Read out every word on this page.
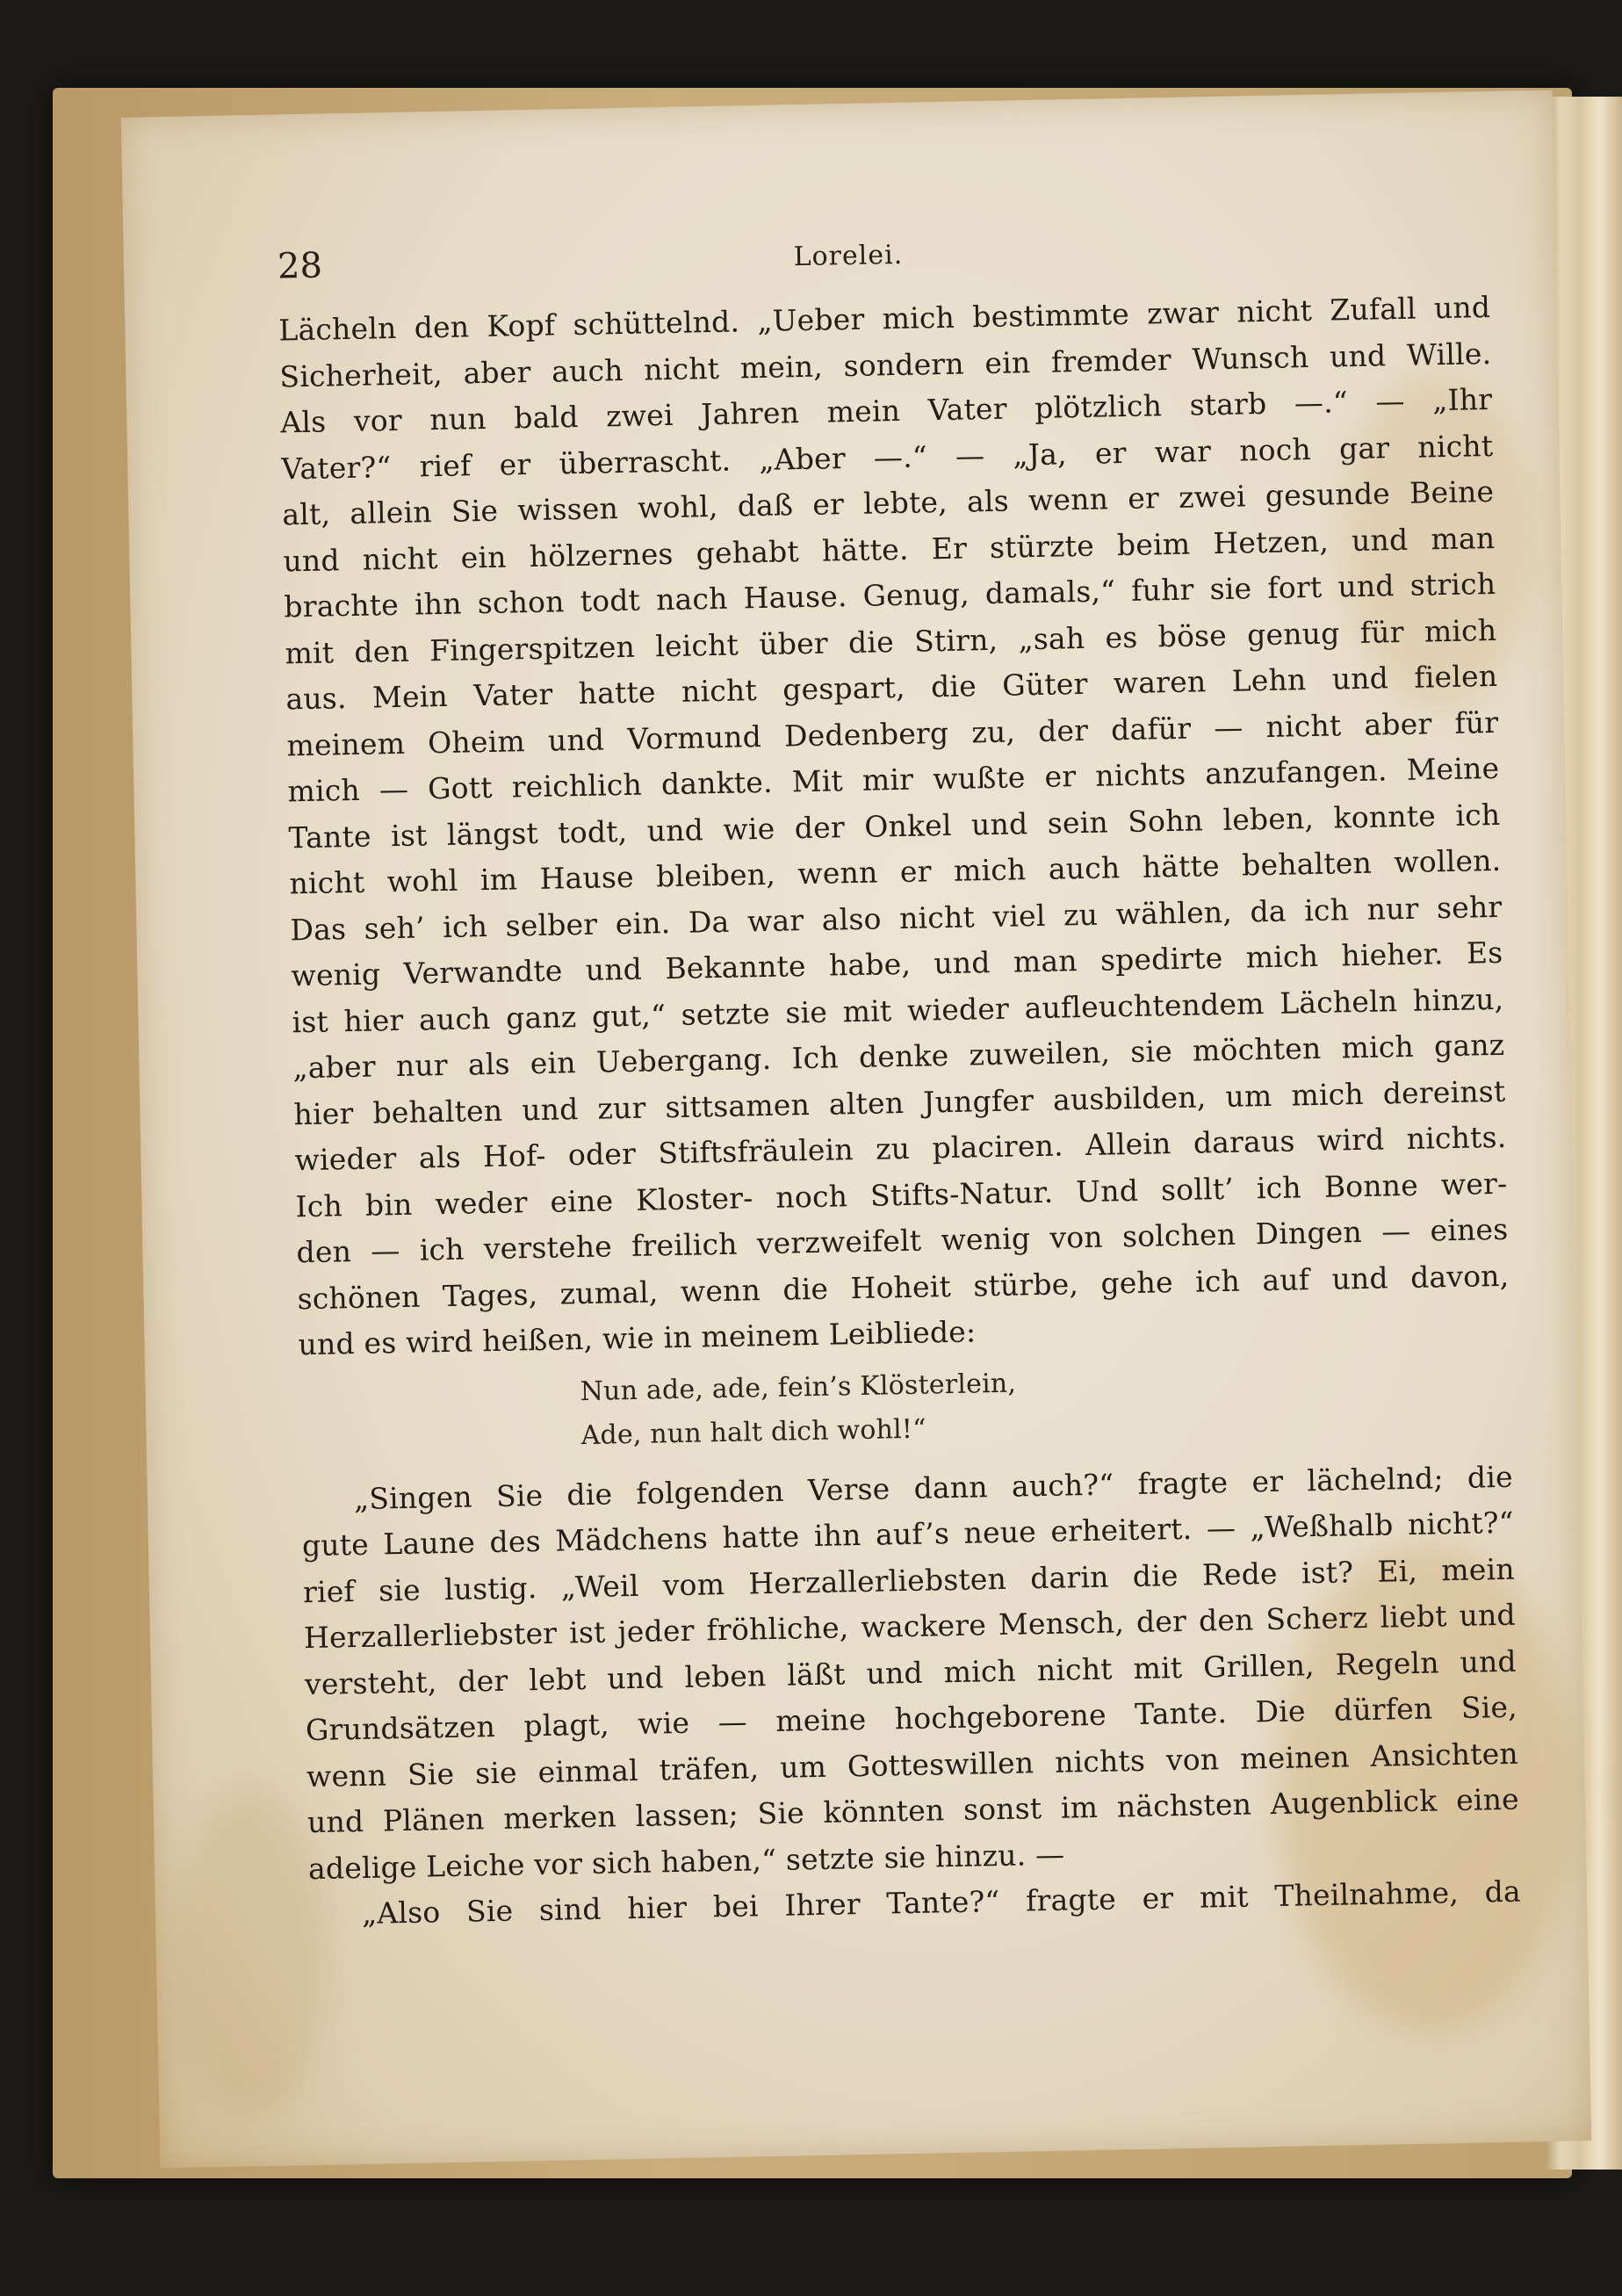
28	Lorelei.
Lächeln den Kopf schüttelnd. „Ueber mich bestimmte zwar nicht Zufall und
Sicherheit, aber auch nicht mein, sondern ein fremder Wunsch und Wille.
Als vor nun bald zwei Jahren mein Vater plötzlich starb —.“ — „Ihr
Vater?“ rief er überrascht. „Aber —.“ — „Ja, er war noch gar nicht
alt, allein Sie wissen wohl, daß er lebte, als wenn er zwei gesunde Beine
und nicht ein hölzernes gehabt hätte. Er stürzte beim Hetzen, und man
brachte ihn schon todt nach Hause. Genug, damals,“ fuhr sie fort und strich
mit den Fingerspitzen leicht über die Stirn, „sah es böse genug für mich
aus. Mein Vater hatte nicht gespart, die Güter waren Lehn und fielen
meinem Oheim und Vormund Dedenberg zu, der dafür — nicht aber für
mich — Gott reichlich dankte. Mit mir wußte er nichts anzufangen. Meine
Tante ist längst todt, und wie der Onkel und sein Sohn leben, konnte ich
nicht wohl im Hause bleiben, wenn er mich auch hätte behalten wollen.
Das seh’ ich selber ein. Da war also nicht viel zu wählen, da ich nur sehr
wenig Verwandte und Bekannte habe, und man spedirte mich hieher. Es
ist hier auch ganz gut,“ setzte sie mit wieder aufleuchtendem Lächeln hinzu,
„aber nur als ein Uebergang. Ich denke zuweilen, sie möchten mich ganz
hier behalten und zur sittsamen alten Jungfer ausbilden, um mich dereinst
wieder als Hof- oder Stiftsfräulein zu placiren. Allein daraus wird nichts.
Ich bin weder eine Kloster- noch Stifts-Natur. Und sollt’ ich Bonne wer-
den — ich verstehe freilich verzweifelt wenig von solchen Dingen — eines
schönen Tages, zumal, wenn die Hoheit stürbe, gehe ich auf und davon,
und es wird heißen, wie in meinem Leibliede:
Nun ade, ade, fein’s Klösterlein,
Ade, nun halt dich wohl!“
„Singen Sie die folgenden Verse dann auch?“ fragte er lächelnd; die
gute Laune des Mädchens hatte ihn auf’s neue erheitert. — „Weßhalb nicht?“
rief sie lustig. „Weil vom Herzallerliebsten darin die Rede ist? Ei, mein
Herzallerliebster ist jeder fröhliche, wackere Mensch, der den Scherz liebt und
versteht, der lebt und leben läßt und mich nicht mit Grillen, Regeln und
Grundsätzen plagt, wie — meine hochgeborene Tante. Die dürfen Sie,
wenn Sie sie einmal träfen, um Gotteswillen nichts von meinen Ansichten
und Plänen merken lassen; Sie könnten sonst im nächsten Augenblick eine
adelige Leiche vor sich haben,“ setzte sie hinzu. —
„Also Sie sind hier bei Ihrer Tante?“ fragte er mit Theilnahme, da
